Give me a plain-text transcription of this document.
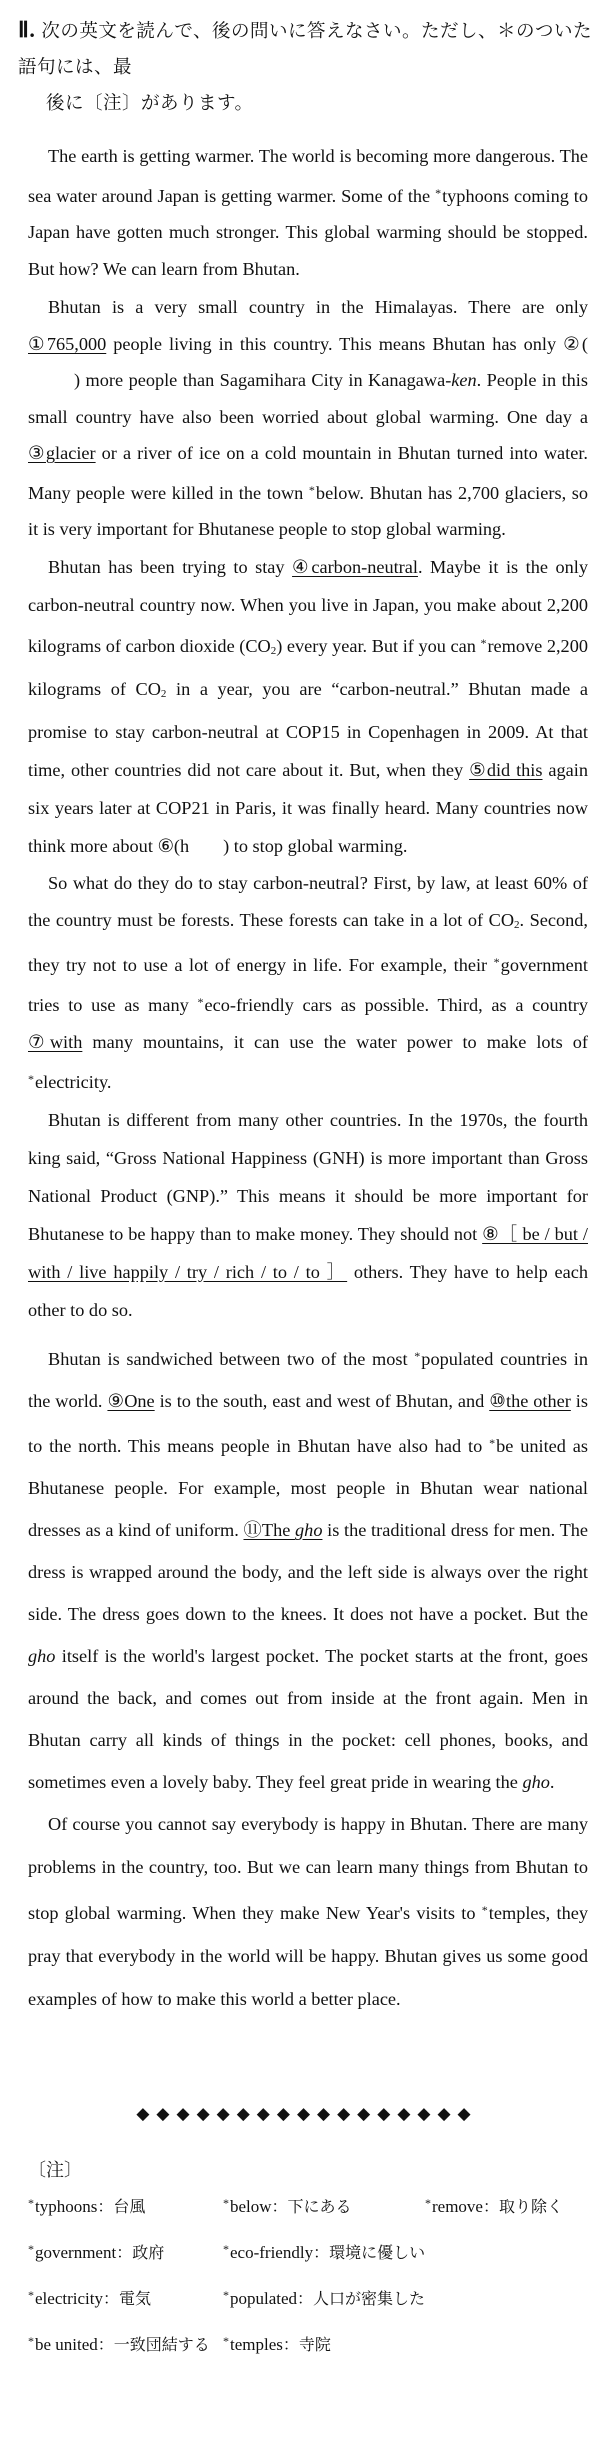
Ⅱ. 次の英文を読んで、後の問いに答えなさい。ただし、＊のついた語句には、最
後に〔注〕があります。

The earth is getting warmer. The world is becoming more dangerous. The sea water around Japan is getting warmer. Some of the *typhoons coming to Japan have gotten much stronger. This global warming should be stopped. But how? We can learn from Bhutan.

Bhutan is a very small country in the Himalayas. There are only ①765,000 people living in this country. This means Bhutan has only ②() more people than Sagamihara City in Kanagawa-ken. People in this small country have also been worried about global warming. One day a ③glacier or a river of ice on a cold mountain in Bhutan turned into water. Many people were killed in the town *below. Bhutan has 2,700 glaciers, so it is very important for Bhutanese people to stop global warming.

Bhutan has been trying to stay ④carbon-neutral. Maybe it is the only carbon-neutral country now. When you live in Japan, you make about 2,200 kilograms of carbon dioxide (CO2) every year. But if you can *remove 2,200 kilograms of CO2 in a year, you are “carbon-neutral.” Bhutan made a promise to stay carbon-neutral at COP15 in Copenhagen in 2009. At that time, other countries did not care about it. But, when they ⑤did this again six years later at COP21 in Paris, it was finally heard. Many countries now think more about ⑥(h ) to stop global warming.

So what do they do to stay carbon-neutral? First, by law, at least 60% of the country must be forests. These forests can take in a lot of CO2. Second, they try not to use a lot of energy in life. For example, their *government tries to use as many *eco-friendly cars as possible. Third, as a country ⑦with many mountains, it can use the water power to make lots of *electricity.

Bhutan is different from many other countries. In the 1970s, the fourth king said, “Gross National Happiness (GNH) is more important than Gross National Product (GNP).” This means it should be more important for Bhutanese to be happy than to make money. They should not ⑧［ be / but / with / live happily / try / rich / to / to ］ others. They have to help each other to do so.

Bhutan is sandwiched between two of the most *populated countries in the world. ⑨One is to the south, east and west of Bhutan, and ⑩the other is to the north. This means people in Bhutan have also had to *be united as Bhutanese people. For example, most people in Bhutan wear national dresses as a kind of uniform. ⑪The gho is the traditional dress for men. The dress is wrapped around the body, and the left side is always over the right side. The dress goes down to the knees. It does not have a pocket. But the gho itself is the world's largest pocket. The pocket starts at the front, goes around the back, and comes out from inside at the front again. Men in Bhutan carry all kinds of things in the pocket: cell phones, books, and sometimes even a lovely baby. They feel great pride in wearing the gho.

Of course you cannot say everybody is happy in Bhutan. There are many problems in the country, too. But we can learn many things from Bhutan to stop global warming. When they make New Year's visits to *temples, they pray that everybody in the world will be happy. Bhutan gives us some good examples of how to make this world a better place.

◆◆◆◆◆◆◆◆◆◆◆◆◆◆◆◆◆
〔注〕
*typhoons：台風	*below：下にある	*remove：取り除く
*government：政府	*eco-friendly：環境に優しい
*electricity：電気	*populated：人口が密集した
*be united：一致団結する *temples：寺院
